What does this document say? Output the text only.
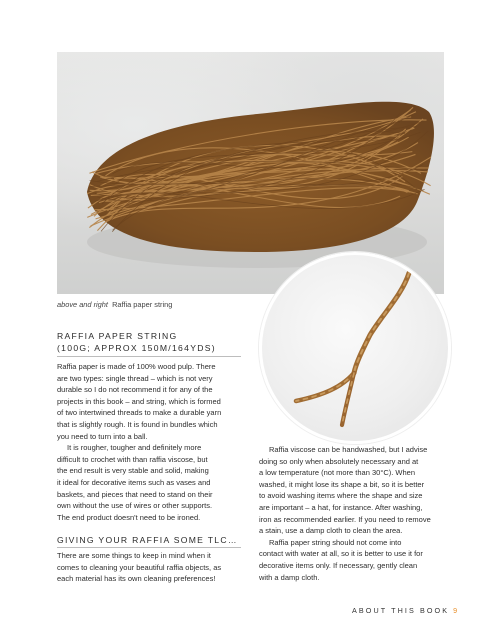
above and right Raffia paper string
RAFFIA PAPER STRING
(100G; APPROX 150M/164YDS)

Raffia paper is made of 100% wood pulp. There
are two types: single thread – which is not very
durable so I do not recommend it for any of the
projects in this book – and string, which is formed
of two intertwined threads to make a durable yarn
that is slightly rough. It is found in bundles which
you need to turn into a ball.

It is rougher, tougher and definitely more
difficult to crochet with than raffia viscose, but
the end result is very stable and solid, making
it ideal for decorative items such as vases and
baskets, and pieces that need to stand on their
own without the use of wires or other supports.
The end product doesn't need to be ironed.

GIVING YOUR RAFFIA SOME TLC…

There are some things to keep in mind when it
comes to cleaning your beautiful raffia objects, as
each material has its own cleaning preferences!

Raffia viscose can be handwashed, but I advise
doing so only when absolutely necessary and at
a low temperature (not more than 30°C). When
washed, it might lose its shape a bit, so it is better
to avoid washing items where the shape and size
are important – a hat, for instance. After washing,
iron as recommended earlier. If you need to remove
a stain, use a damp cloth to clean the area.

Raffia paper string should not come into
contact with water at all, so it is better to use it for
decorative items only. If necessary, gently clean
with a damp cloth.

ABOUT THIS BOOK 9
